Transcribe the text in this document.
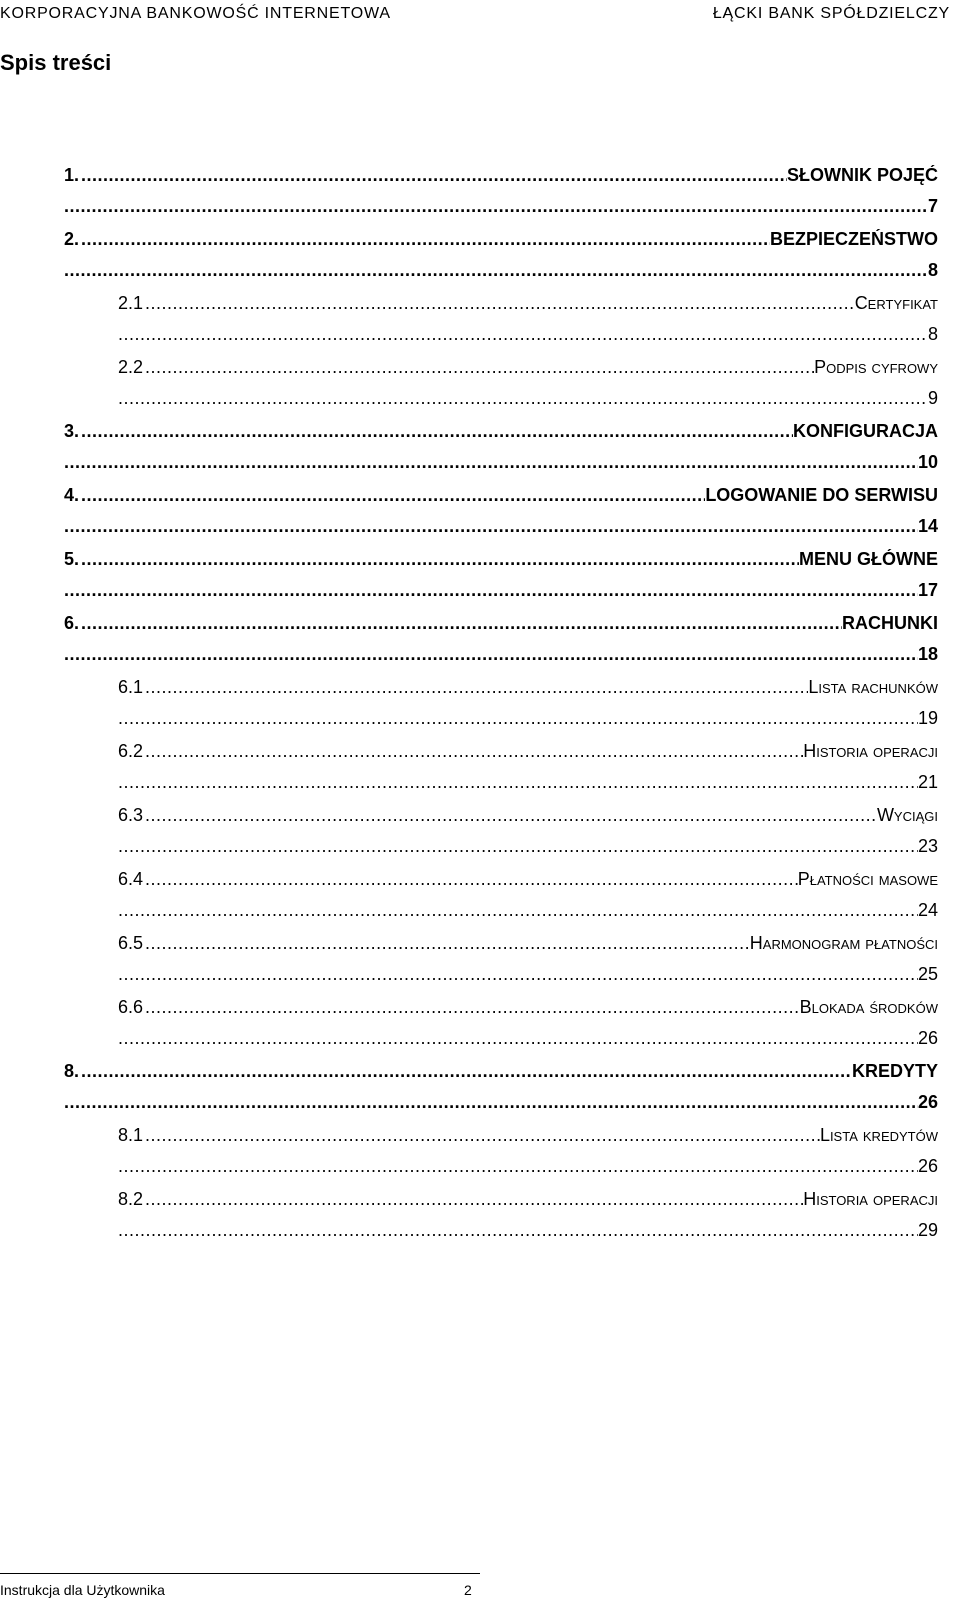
KORPORACYJNA BANKOWOŚĆ INTERNETOWA	ŁĄCKI BANK SPÓŁDZIELCZY
Spis treści
1. .....	SŁOWNIK POJĘĆ
.....
7
2. .....	BEZPIECZEŃSTWO
.....
8
2.1 .....	Certyfikat
.....
8
2.2 .....	Podpis cyfrowy
.....
9
3. .....	KONFIGURACJA
.....
10
4. .....	LOGOWANIE DO SERWISU
.....
14
5. .....	MENU GŁÓWNE
.....
17
6. .....	RACHUNKI
.....
18
6.1 .....	Lista rachunków
.....
19
6.2 .....	Historia operacji
.....
21
6.3 .....	Wyciągi
.....
23
6.4 .....	Płatności masowe
.....
24
6.5 .....	Harmonogram płatności
.....
25
6.6 .....	Blokada środków
.....
26
8. .....	KREDYTY
.....
26
8.1 .....	Lista kredytów
.....
26
8.2 .....	Historia operacji
.....
29
Instrukcja dla Użytkownika	2
